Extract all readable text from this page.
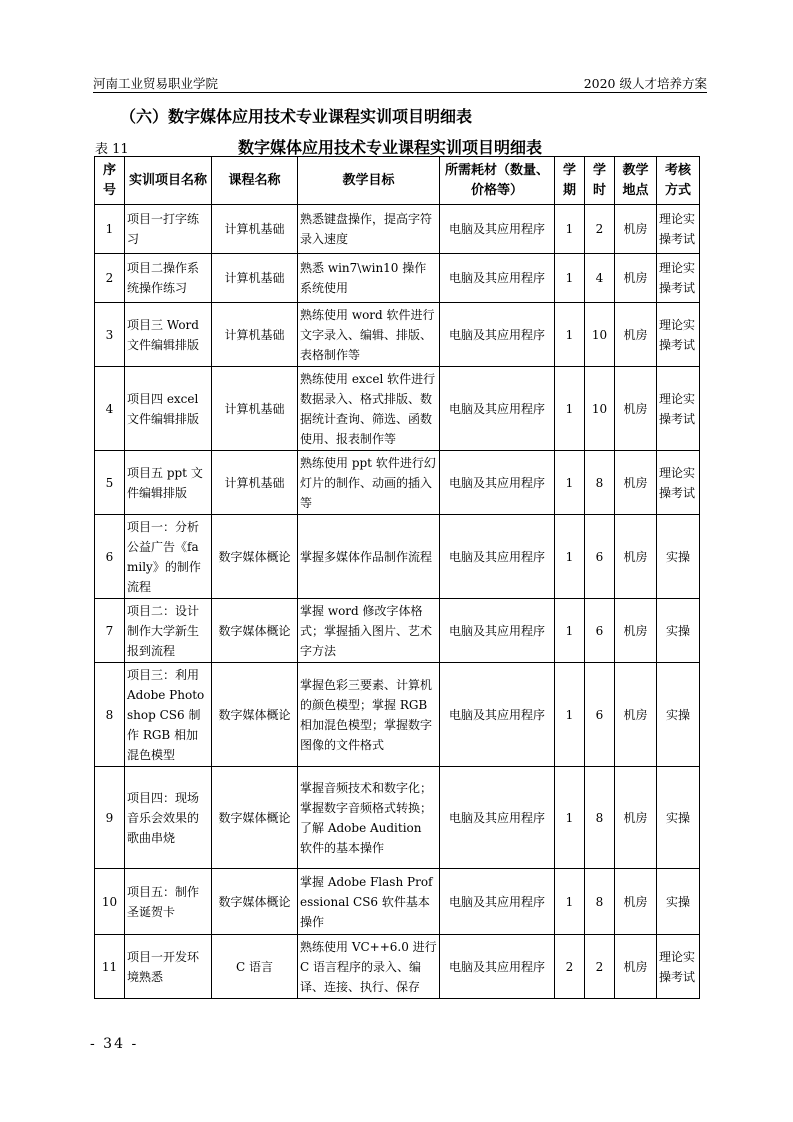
河南工业贸易职业学院	2020 级人才培养方案
（六）数字媒体应用技术专业课程实训项目明细表
表 11	数字媒体应用技术专业课程实训项目明细表
序号	实训项目名称	课程名称	教学目标	所需耗材（数量、价格等）	学期	学时	教学地点	考核方式
1	项目一打字练习	计算机基础	熟悉键盘操作，提高字符录入速度	电脑及其应用程序	1	2	机房	理论实操考试
2	项目二操作系统操作练习	计算机基础	熟悉 win7\win10 操作系统使用	电脑及其应用程序	1	4	机房	理论实操考试
3	项目三 Word 文件编辑排版	计算机基础	熟练使用 word 软件进行文字录入、编辑、排版、表格制作等	电脑及其应用程序	1	10	机房	理论实操考试
4	项目四 excel 文件编辑排版	计算机基础	熟练使用 excel 软件进行数据录入、格式排版、数据统计查询、筛选、函数使用、报表制作等	电脑及其应用程序	1	10	机房	理论实操考试
5	项目五 ppt 文件编辑排版	计算机基础	熟练使用 ppt 软件进行幻灯片的制作、动画的插入等	电脑及其应用程序	1	8	机房	理论实操考试
6	项目一：分析公益广告《family》的制作流程	数字媒体概论	掌握多媒体作品制作流程	电脑及其应用程序	1	6	机房	实操
7	项目二：设计制作大学新生报到流程	数字媒体概论	掌握 word 修改字体格式；掌握插入图片、艺术字方法	电脑及其应用程序	1	6	机房	实操
8	项目三：利用 Adobe Photoshop CS6 制作 RGB 相加混色模型	数字媒体概论	掌握色彩三要素、计算机的颜色模型；掌握 RGB 相加混色模型；掌握数字图像的文件格式	电脑及其应用程序	1	6	机房	实操
9	项目四：现场音乐会效果的歌曲串烧	数字媒体概论	掌握音频技术和数字化；掌握数字音频格式转换；了解 Adobe Audition 软件的基本操作	电脑及其应用程序	1	8	机房	实操
10	项目五：制作圣诞贺卡	数字媒体概论	掌握 Adobe Flash Professional CS6 软件基本操作	电脑及其应用程序	1	8	机房	实操
11	项目一开发环境熟悉	C 语言	熟练使用 VC++6.0 进行 C 语言程序的录入、编译、连接、执行、保存	电脑及其应用程序	2	2	机房	理论实操考试
- 34 -
